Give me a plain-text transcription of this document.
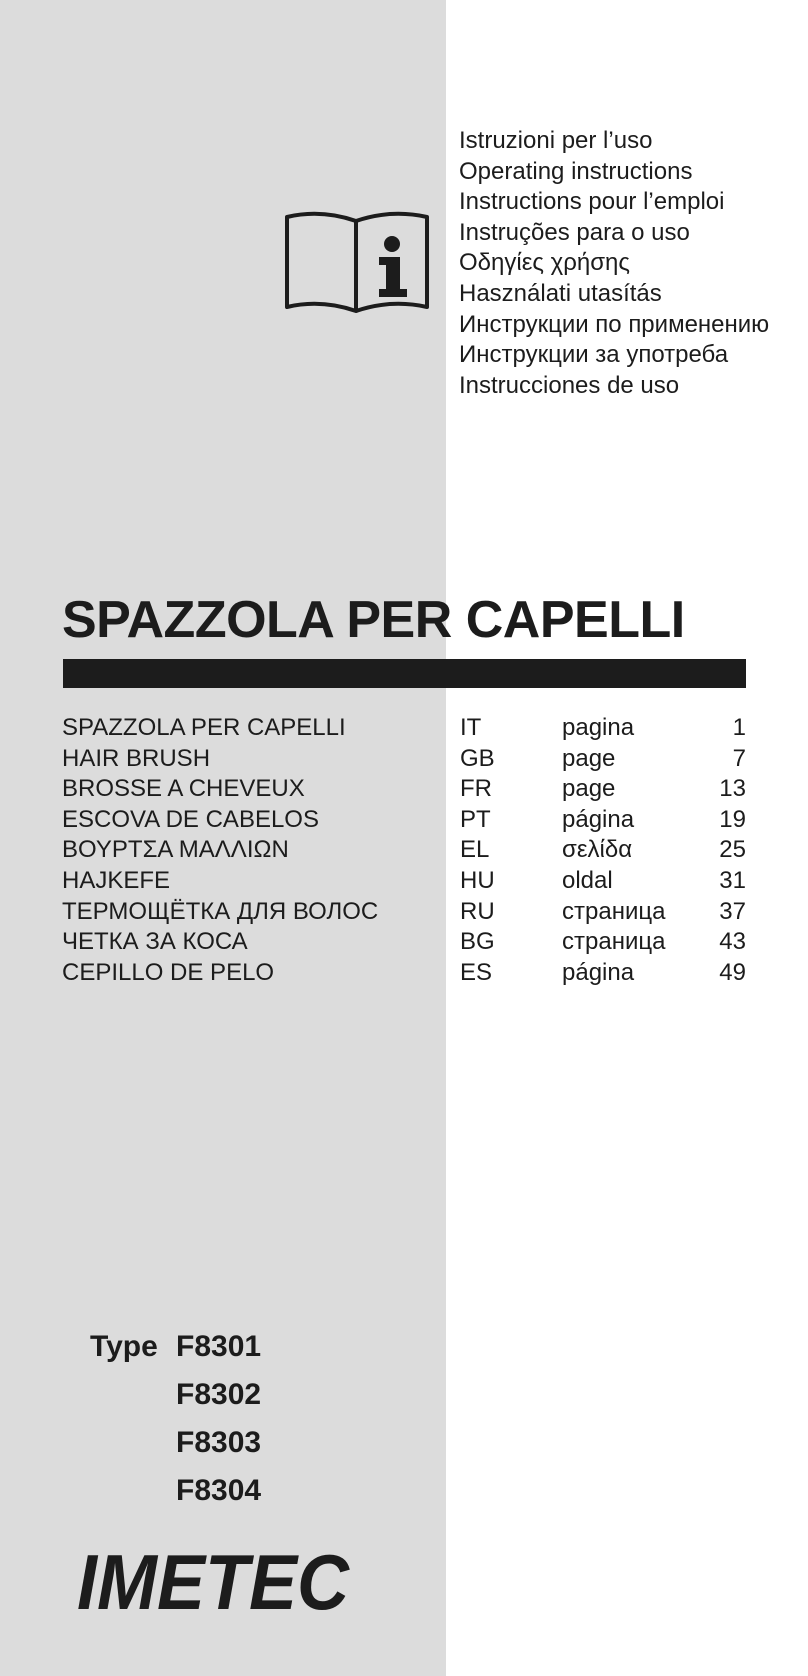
Istruzioni per l’uso
Operating instructions
Instructions pour l’emploi
Instruções para o uso
Οδηγίες χρήσης
Használati utasítás
Инструкции по применению
Инструкции за употреба
Instrucciones de uso
SPAZZOLA PER CAPELLI
SPAZZOLA PER CAPELLI	IT	pagina	1
HAIR BRUSH	GB	page	7
BROSSE A CHEVEUX	FR	page	13
ESCOVA DE CABELOS	PT	página	19
ΒΟΥΡΤΣΑ ΜΑΛΛΙΩΝ	EL	σελίδα	25
HAJKEFE	HU	oldal	31
ТЕРМОЩЁТКА ДЛЯ ВОЛОС	RU	страница 37
ЧЕТКА ЗА КОСА	BG	страница 43
CEPILLO DE PELO	ES	página	49
Type F8301
F8302
F8303
F8304
IMETEC
